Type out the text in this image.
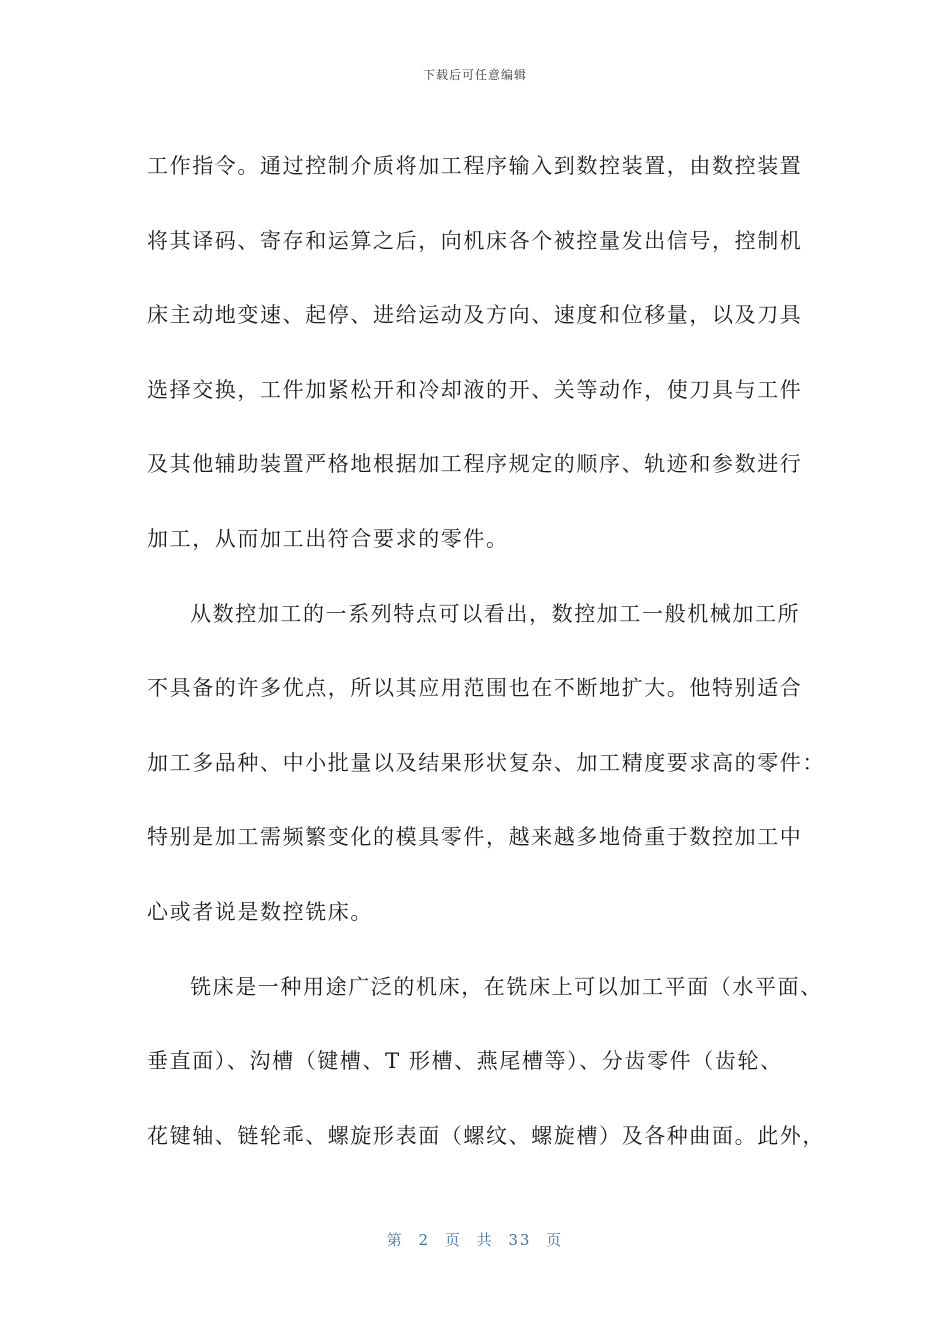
下载后可任意编辑
工作指令。通过控制介质将加工程序输入到数控装置，由数控装置
将其译码、寄存和运算之后，向机床各个被控量发出信号，控制机
床主动地变速、起停、进给运动及方向、速度和位移量，以及刀具
选择交换，工件加紧松开和冷却液的开、关等动作，使刀具与工件
及其他辅助装置严格地根据加工程序规定的顺序、轨迹和参数进行
加工，从而加工出符合要求的零件。
从数控加工的一系列特点可以看出，数控加工一般机械加工所
不具备的许多优点，所以其应用范围也在不断地扩大。他特别适合
加工多品种、中小批量以及结果形状复杂、加工精度要求高的零件：
特别是加工需频繁变化的模具零件，越来越多地倚重于数控加工中
心或者说是数控铣床。
铣床是一种用途广泛的机床，在铣床上可以加工平面（水平面、
垂直面）、沟槽（键槽、T 形槽、燕尾槽等）、分齿零件（齿轮、
花键轴、链轮乖、螺旋形表面（螺纹、螺旋槽）及各种曲面。此外，
第 2 页 共 33 页
